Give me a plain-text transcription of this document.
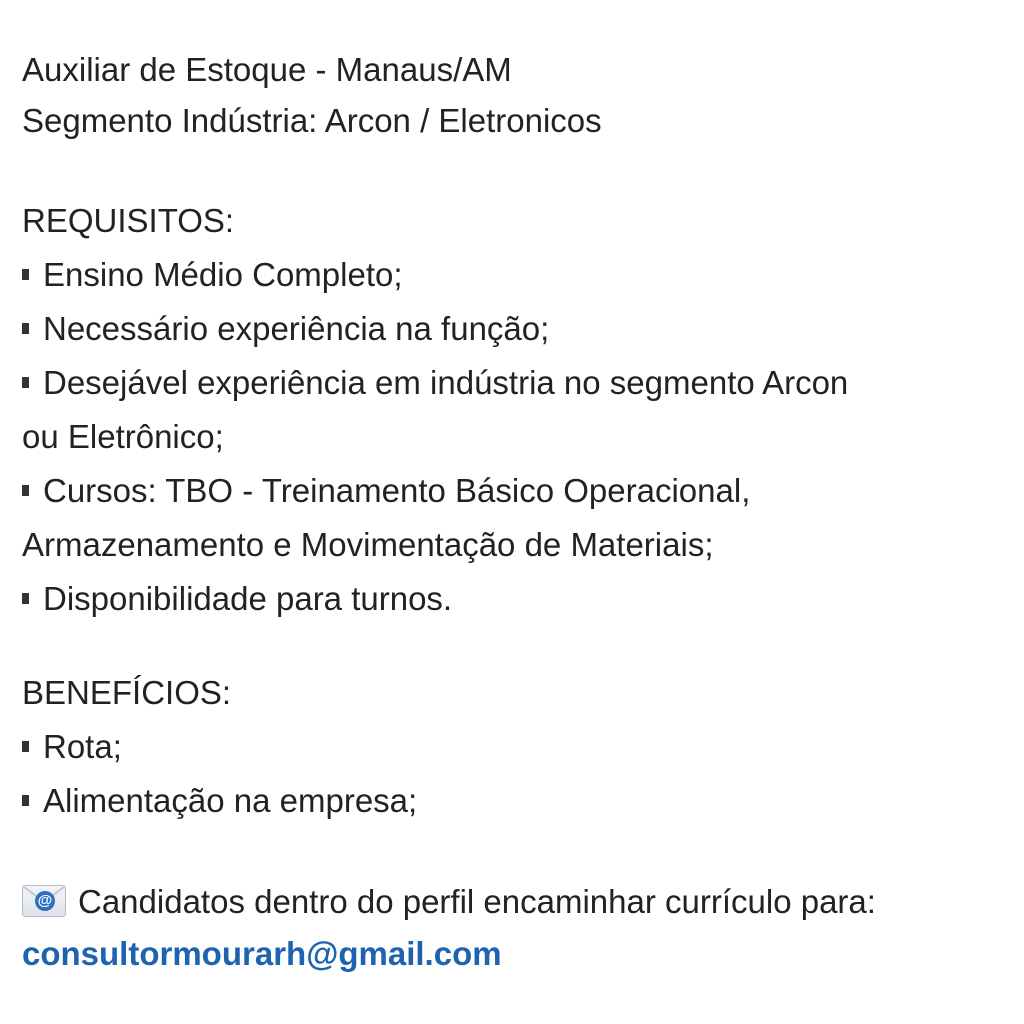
Auxiliar de Estoque - Manaus/AM
Segmento Indústria: Arcon / Eletronicos
REQUISITOS:
Ensino Médio Completo;
Necessário experiência na função;
Desejável experiência em indústria no segmento Arcon
ou Eletrônico;
Cursos: TBO - Treinamento Básico Operacional,
Armazenamento e Movimentação de Materiais;
Disponibilidade para turnos.
BENEFÍCIOS:
Rota;
Alimentação na empresa;
@ Candidatos dentro do perfil encaminhar currículo para:
consultormourarh@gmail.com
